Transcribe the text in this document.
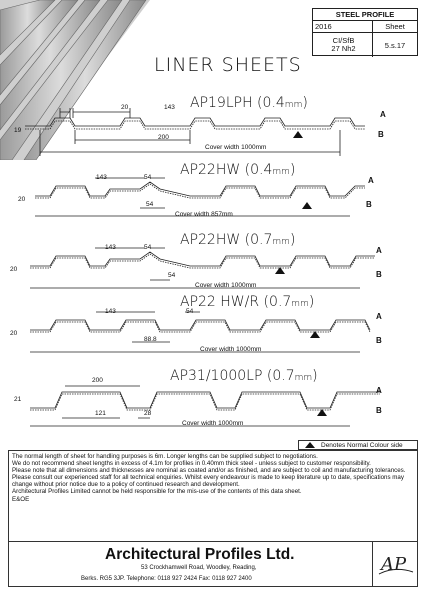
STEEL PROFILE
2016	Sheet
CI/SfB
27 Nh2	5.s.17
LINER SHEETS
AP19LPH (0.4mm)
20	143
19
200
Cover width 1000mm
A
B
AP22HW (0.4mm)
143	54
20
54
Cover width 857mm
A
B
AP22HW (0.7mm)
143	54
20
54
Cover width 1000mm
A
B
AP22 HW/R (0.7mm)
143	54
20
88.8
Cover width 1000mm
A
B
AP31/1000LP (0.7mm)
200
21
121	28
Cover width 1000mm
A
B
Denotes Normal Colour side
The normal length of sheet for handling purposes is 6m. Longer lengths can be supplied subject to negotiations.
We do not recommend sheet lengths in excess of 4.1m for profiles in 0.40mm thick steel - unless subject to customer responsibility.
Please note that all dimensions and thicknesses are nominal as coated and/or as finished, and are subject to coil and manufacturing tolerances.
Please consult our experienced staff for all technical enquiries. Whilst every endeavour is made to keep literature up to date, specifications may change without prior notice due to a policy of continued research and development.
Architectural Profiles Limited cannot be held responsible for the mis-use of the contents of this data sheet.
E&OE
Architectural Profiles Ltd.
53 Crockhamwell Road, Woodley, Reading,
Berks. RG5 3JP. Telephone: 0118 927 2424 Fax: 0118 927 2400
AP
